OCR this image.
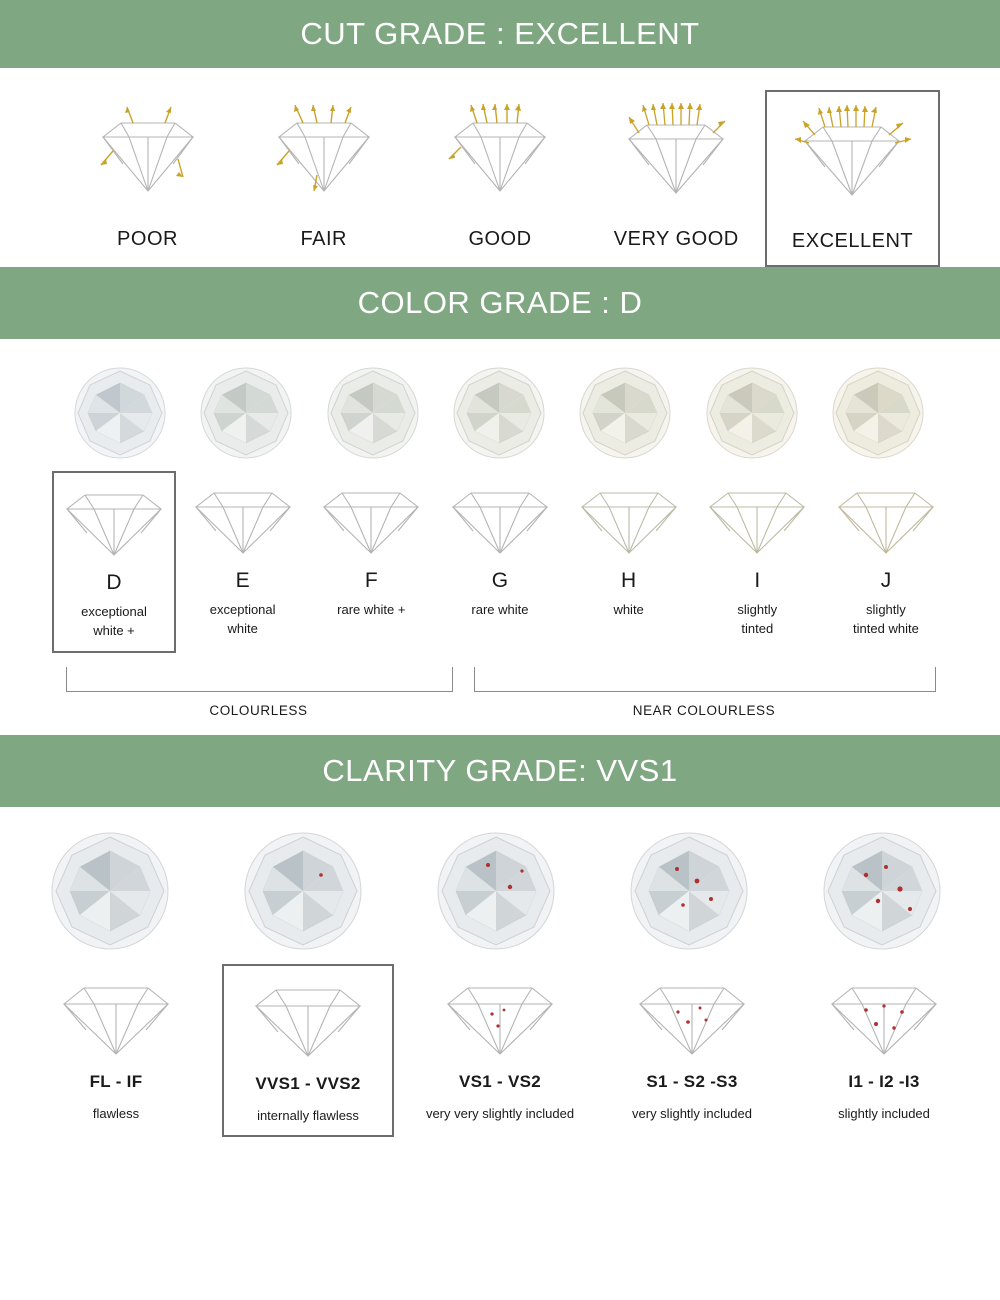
CUT GRADE : EXCELLENT
POOR	FAIR	GOOD	VERY GOOD	EXCELLENT
COLOR GRADE : D
D
exceptional
white +
E
exceptional
white
F
rare white +
G
rare white
H
white
I
slightly
tinted
J
slightly
tinted white
COLOURLESS	NEAR COLOURLESS
CLARITY GRADE: VVS1
FL - IF
flawless
VVS1 - VVS2
internally flawless
VS1 - VS2
very very slightly included
S1 - S2 -S3
very slightly included
I1 - I2 -I3
slightly included
